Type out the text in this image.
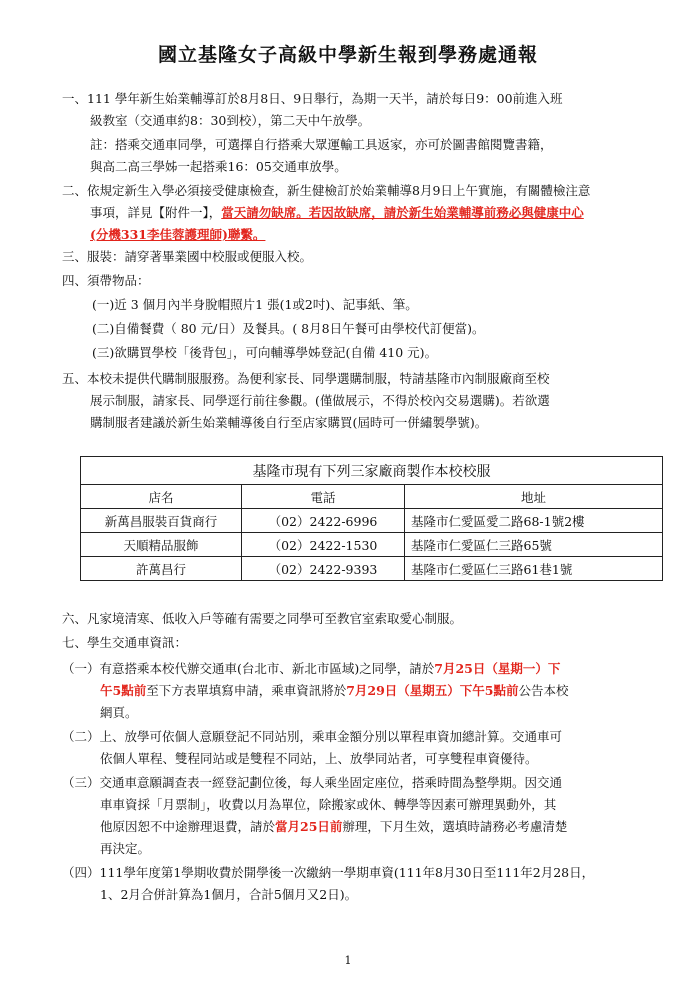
國立基隆女子高級中學新生報到學務處通報
一、111 學年新生始業輔導訂於8月8日、9日舉行，為期一天半，請於每日9：00前進入班
級教室（交通車約8：30到校），第二天中午放學。
註：搭乘交通車同學，可選擇自行搭乘大眾運輸工具返家，亦可於圖書館閱覽書籍，
與高二高三學姊一起搭乘16：05交通車放學。
二、依規定新生入學必須接受健康檢查，新生健檢訂於始業輔導8月9日上午實施，有關體檢注意
事項，詳見【附件一】，當天請勿缺席。若因故缺席，請於新生始業輔導前務必與健康中心
(分機331李佳蓉護理師)聯繫。
三、服裝：請穿著畢業國中校服或便服入校。
四、須帶物品：
(一)近 3 個月內半身脫帽照片1 張(1或2吋)、記事紙、筆。
(二)自備餐費（ 80 元/日）及餐具。( 8月8日午餐可由學校代訂便當)。
(三)欲購買學校「後背包」，可向輔導學姊登記(自備 410 元)。
五、本校未提供代購制服服務。為便利家長、同學選購制服，特請基隆市內制服廠商至校
展示制服，請家長、同學逕行前往參觀。(僅做展示，不得於校內交易選購)。若欲選
購制服者建議於新生始業輔導後自行至店家購買(屆時可一併繡製學號)。
基隆市現有下列三家廠商製作本校校服		
店名	電話	地址
新萬昌服裝百貨商行	（02）2422-6996	基隆市仁愛區愛二路68-1號2樓
天順精品服飾	（02）2422-1530	基隆市仁愛區仁三路65號
許萬昌行	（02）2422-9393	基隆市仁愛區仁三路61巷1號
六、凡家境清寒、低收入戶等確有需要之同學可至教官室索取愛心制服。
七、學生交通車資訊：
（一）有意搭乘本校代辦交通車(台北市、新北市區域)之同學，請於7月25日（星期一）下
午5點前至下方表單填寫申請，乘車資訊將於7月29日（星期五）下午5點前公告本校
網頁。
（二）上、放學可依個人意願登記不同站別，乘車金額分別以單程車資加總計算。交通車可
依個人單程、雙程同站或是雙程不同站，上、放學同站者，可享雙程車資優待。
（三）交通車意願調查表一經登記劃位後，每人乘坐固定座位，搭乘時間為整學期。因交通
車車資採「月票制」，收費以月為單位，除搬家或休、轉學等因素可辦理異動外，其
他原因恕不中途辦理退費，請於當月25日前辦理，下月生效，選填時請務必考慮清楚
再決定。
（四）111學年度第1學期收費於開學後一次繳納一學期車資(111年8月30日至111年2月28日，
1、2月合併計算為1個月，合計5個月又2日)。
1
